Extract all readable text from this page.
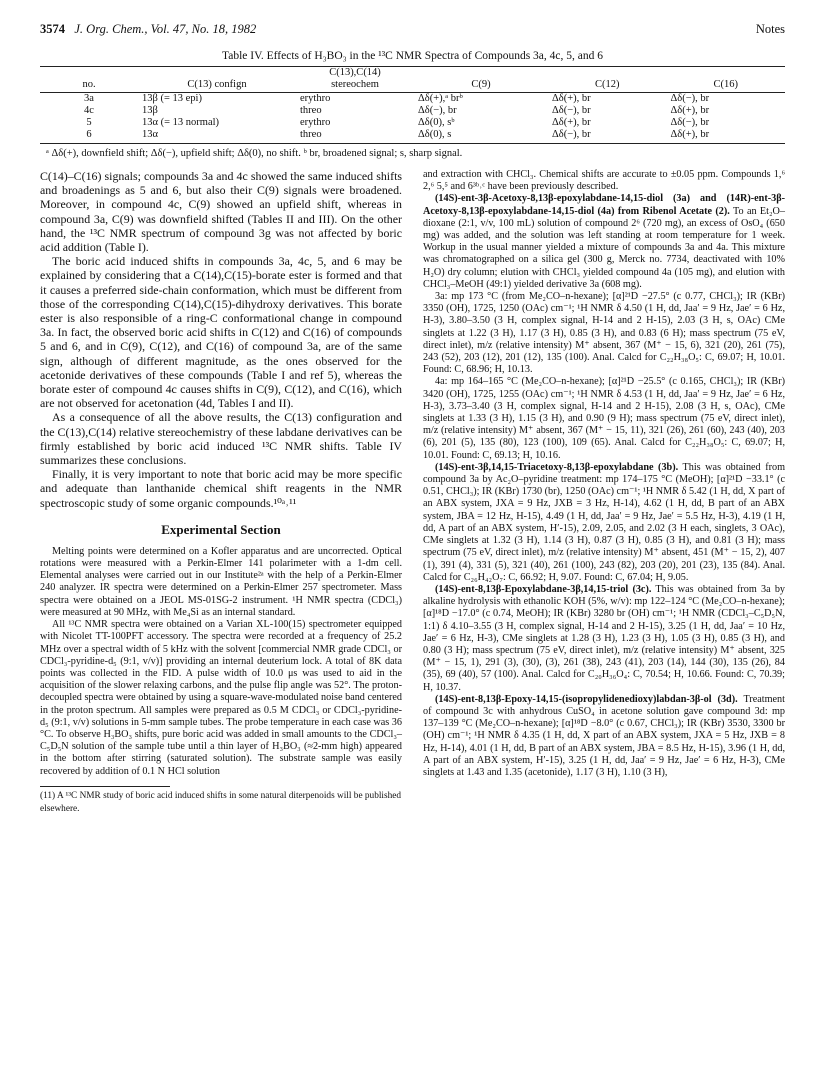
3574 J. Org. Chem., Vol. 47, No. 18, 1982	Notes
Table IV. Effects of H₃BO₃ in the ¹³C NMR Spectra of Compounds 3a, 4c, 5, and 6
		C(13),C(14)			
no.	C(13) confign	stereochem	C(9)	C(12)	C(16)
3a	13β (= 13 epi)	erythro	Δδ(+),ᵃ brᵇ	Δδ(+), br	Δδ(−), br
4c	13β	threo	Δδ(−), br	Δδ(−), br	Δδ(+), br
5	13α (= 13 normal)	erythro	Δδ(0), sᵇ	Δδ(+), br	Δδ(−), br
6	13α	threo	Δδ(0), s	Δδ(−), br	Δδ(+), br
ᵃ Δδ(+), downfield shift; Δδ(−), upfield shift; Δδ(0), no shift. ᵇ br, broadened signal; s, sharp signal.

C(14)–C(16) signals; compounds 3a and 4c showed the same induced shifts and broadenings as 5 and 6, but also their C(9) signals were broadened. Moreover, in compound 4c, C(9) showed an upfield shift, whereas in compound 3a, C(9) was downfield shifted (Tables II and III). On the other hand, the ¹³C NMR spectrum of compound 3g was not affected by boric acid addition (Table I).

The boric acid induced shifts in compounds 3a, 4c, 5, and 6 may be explained by considering that a C(14),C(15)-borate ester is formed and that it causes a preferred side-chain conformation, which must be different from those of the corresponding C(14),C(15)-dihydroxy derivatives. This borate ester is also responsible of a ring-C conformational change in compound 3a. In fact, the observed boric acid shifts in C(12) and C(16) of compounds 5 and 6, and in C(9), C(12), and C(16) of compound 3a, are of the same sign, although of different magnitude, as the ones observed for the acetonide derivatives of these compounds (Table I and ref 5), whereas the borate ester of compound 4c causes shifts in C(9), C(12), and C(16), which are not observed for acetonation (4d, Tables I and II).

As a consequence of all the above results, the C(13) configuration and the C(13),C(14) relative stereochemistry of these labdane derivatives can be firmly established by boric acid induced ¹³C NMR shifts. Table IV summarizes these conclusions.

Finally, it is very important to note that boric acid may be more specific and adequate than lanthanide chemical shift reagents in the NMR spectroscopic study of some organic compounds.¹⁰ᵃ˒¹¹

Experimental Section

Melting points were determined on a Kofler apparatus and are uncorrected. Optical rotations were measured with a Perkin-Elmer 141 polarimeter with a 1-dm cell. Elemental analyses were carried out in our Institute²ᵃ with the help of a Perkin-Elmer 240 analyzer. IR spectra were determined on a Perkin-Elmer 257 spectrometer. Mass spectra were obtained on a JEOL MS-01SG-2 instrument. ¹H NMR spectra (CDCl₃) were measured at 90 MHz, with Me₄Si as an internal standard.

All ¹³C NMR spectra were obtained on a Varian XL-100(15) spectrometer equipped with Nicolet TT-100PFT accessory. The spectra were recorded at a frequency of 25.2 MHz over a spectral width of 5 kHz with the solvent [commercial NMR grade CDCl₃ or CDCl₃-pyridine-d₅ (9:1, v/v)] providing an internal deuterium lock. A total of 8K data points was collected in the FID. A pulse width of 10.0 μs was used to aid in the acquisition of the slower relaxing carbons, and the pulse flip angle was 52°. The proton-decoupled spectra were obtained by using a square-wave-modulated noise band centered in the proton spectrum. All samples were prepared as 0.5 M CDCl₃ or CDCl₃-pyridine-d₅ (9:1, v/v) solutions in 5-mm sample tubes. The probe temperature in each case was 36 °C. To observe H₃BO₃ shifts, pure boric acid was added in small amounts to the CDCl₃–C₅D₅N solution of the sample tube until a thin layer of H₃BO₃ (≈2-mm high) appeared in the bottom after stirring (saturated solution). The substrate sample was easily recovered by addition of 0.1 N HCl solution

(11) A ¹³C NMR study of boric acid induced shifts in some natural diterpenoids will be published elsewhere.

and extraction with CHCl₃. Chemical shifts are accurate to ±0.05 ppm. Compounds 1,⁶ 2,⁶ 5,⁵ and 6³ᵇ˒ᶜ have been previously described.

(14S)-ent-3β-Acetoxy-8,13β-epoxylabdane-14,15-diol (3a) and (14R)-ent-3β-Acetoxy-8,13β-epoxylabdane-14,15-diol (4a) from Ribenol Acetate (2). To an Et₂O–dioxane (2:1, v/v, 100 mL) solution of compound 2⁶ (720 mg), an excess of OsO₄ (650 mg) was added, and the solution was left standing at room temperature for 1 week. Workup in the usual manner yielded a mixture of compounds 3a and 4a. This mixture was chromatographed on a silica gel (300 g, Merck no. 7734, deactivated with 10% H₂O) dry column; elution with CHCl₃ yielded compound 4a (105 mg), and elution with CHCl₃–MeOH (49:1) yielded derivative 3a (608 mg).

3a: mp 173 °C (from Me₂CO–n-hexane); [α]²¹D −27.5° (c 0.77, CHCl₃); IR (KBr) 3350 (OH), 1725, 1250 (OAc) cm⁻¹; ¹H NMR δ 4.50 (1 H, dd, Jaa′ = 9 Hz, Jae′ = 6 Hz, H-3), 3.80–3.50 (3 H, complex signal, H-14 and 2 H-15), 2.03 (3 H, s, OAc) CMe singlets at 1.22 (3 H), 1.17 (3 H), 0.85 (3 H), and 0.83 (6 H); mass spectrum (75 eV, direct inlet), m/z (relative intensity) M⁺ absent, 367 (M⁺ − 15, 6), 321 (20), 261 (75), 243 (52), 203 (12), 201 (12), 135 (100). Anal. Calcd for C₂₂H₃₈O₅: C, 69.07; H, 10.01. Found: C, 68.96; H, 10.13.

4a: mp 164–165 °C (Me₂CO–n-hexane); [α]²¹D −25.5° (c 0.165, CHCl₃); IR (KBr) 3420 (OH), 1725, 1255 (OAc) cm⁻¹; ¹H NMR δ 4.53 (1 H, dd, Jaa′ = 9 Hz, Jae′ = 6 Hz, H-3), 3.73–3.40 (3 H, complex signal, H-14 and 2 H-15), 2.08 (3 H, s, OAc), CMe singlets at 1.33 (3 H), 1.15 (3 H), and 0.90 (9 H); mass spectrum (75 eV, direct inlet), m/z (relative intensity) M⁺ absent, 367 (M⁺ − 15, 11), 321 (26), 261 (60), 243 (40), 203 (6), 201 (5), 135 (80), 123 (100), 109 (65). Anal. Calcd for C₂₂H₃₈O₅: C, 69.07; H, 10.01. Found: C, 69.13; H, 10.16.

(14S)-ent-3β,14,15-Triacetoxy-8,13β-epoxylabdane (3b). This was obtained from compound 3a by Ac₂O–pyridine treatment: mp 174–175 °C (MeOH); [α]²¹D −33.1° (c 0.51, CHCl₃); IR (KBr) 1730 (br), 1250 (OAc) cm⁻¹; ¹H NMR δ 5.42 (1 H, dd, X part of an ABX system, JXA = 9 Hz, JXB = 3 Hz, H-14), 4.62 (1 H, dd, B part of an ABX system, JBA = 12 Hz, H-15), 4.49 (1 H, dd, Jaa′ = 9 Hz, Jae′ = 5.5 Hz, H-3), 4.19 (1 H, dd, A part of an ABX system, H′-15), 2.09, 2.05, and 2.02 (3 H each, singlets, 3 OAc), CMe singlets at 1.32 (3 H), 1.14 (3 H), 0.87 (3 H), 0.85 (3 H), and 0.81 (3 H); mass spectrum (75 eV, direct inlet), m/z (relative intensity) M⁺ absent, 451 (M⁺ − 15, 2), 407 (1), 391 (4), 331 (5), 321 (40), 261 (100), 243 (82), 203 (20), 201 (23), 135 (84). Anal. Calcd for C₂₆H₄₂O₇: C, 66.92; H, 9.07. Found: C, 67.04; H, 9.05.

(14S)-ent-8,13β-Epoxylabdane-3β,14,15-triol (3c). This was obtained from 3a by alkaline hydrolysis with ethanolic KOH (5%, w/v): mp 122–124 °C (Me₂CO–n-hexane); [α]¹⁸D −17.0° (c 0.74, MeOH); IR (KBr) 3280 br (OH) cm⁻¹; ¹H NMR (CDCl₃–C₅D₅N, 1:1) δ 4.10–3.55 (3 H, complex signal, H-14 and 2 H-15), 3.25 (1 H, dd, Jaa′ = 10 Hz, Jae′ = 6 Hz, H-3), CMe singlets at 1.28 (3 H), 1.23 (3 H), 1.05 (3 H), 0.85 (3 H), and 0.80 (3 H); mass spectrum (75 eV, direct inlet), m/z (relative intensity) M⁺ absent, 325 (M⁺ − 15, 1), 291 (3), (30), (3), 261 (38), 243 (41), 203 (14), 144 (30), 135 (26), 84 (35), 69 (40), 57 (100). Anal. Calcd for C₂₀H₃₆O₄: C, 70.54; H, 10.66. Found: C, 70.39; H, 10.37.

(14S)-ent-8,13β-Epoxy-14,15-(isopropylidenedioxy)labdan-3β-ol (3d). Treatment of compound 3c with anhydrous CuSO₄ in acetone solution gave compound 3d: mp 137–139 °C (Me₂CO–n-hexane); [α]¹⁸D −8.0° (c 0.67, CHCl₃); IR (KBr) 3530, 3300 br (OH) cm⁻¹; ¹H NMR δ 4.35 (1 H, dd, X part of an ABX system, JXA = 5 Hz, JXB = 8 Hz, H-14), 4.01 (1 H, dd, B part of an ABX system, JBA = 8.5 Hz, H-15), 3.96 (1 H, dd, A part of an ABX system, H′-15), 3.25 (1 H, dd, Jaa′ = 9 Hz, Jae′ = 6 Hz, H-3), CMe singlets at 1.43 and 1.35 (acetonide), 1.17 (3 H), 1.10 (3 H),
